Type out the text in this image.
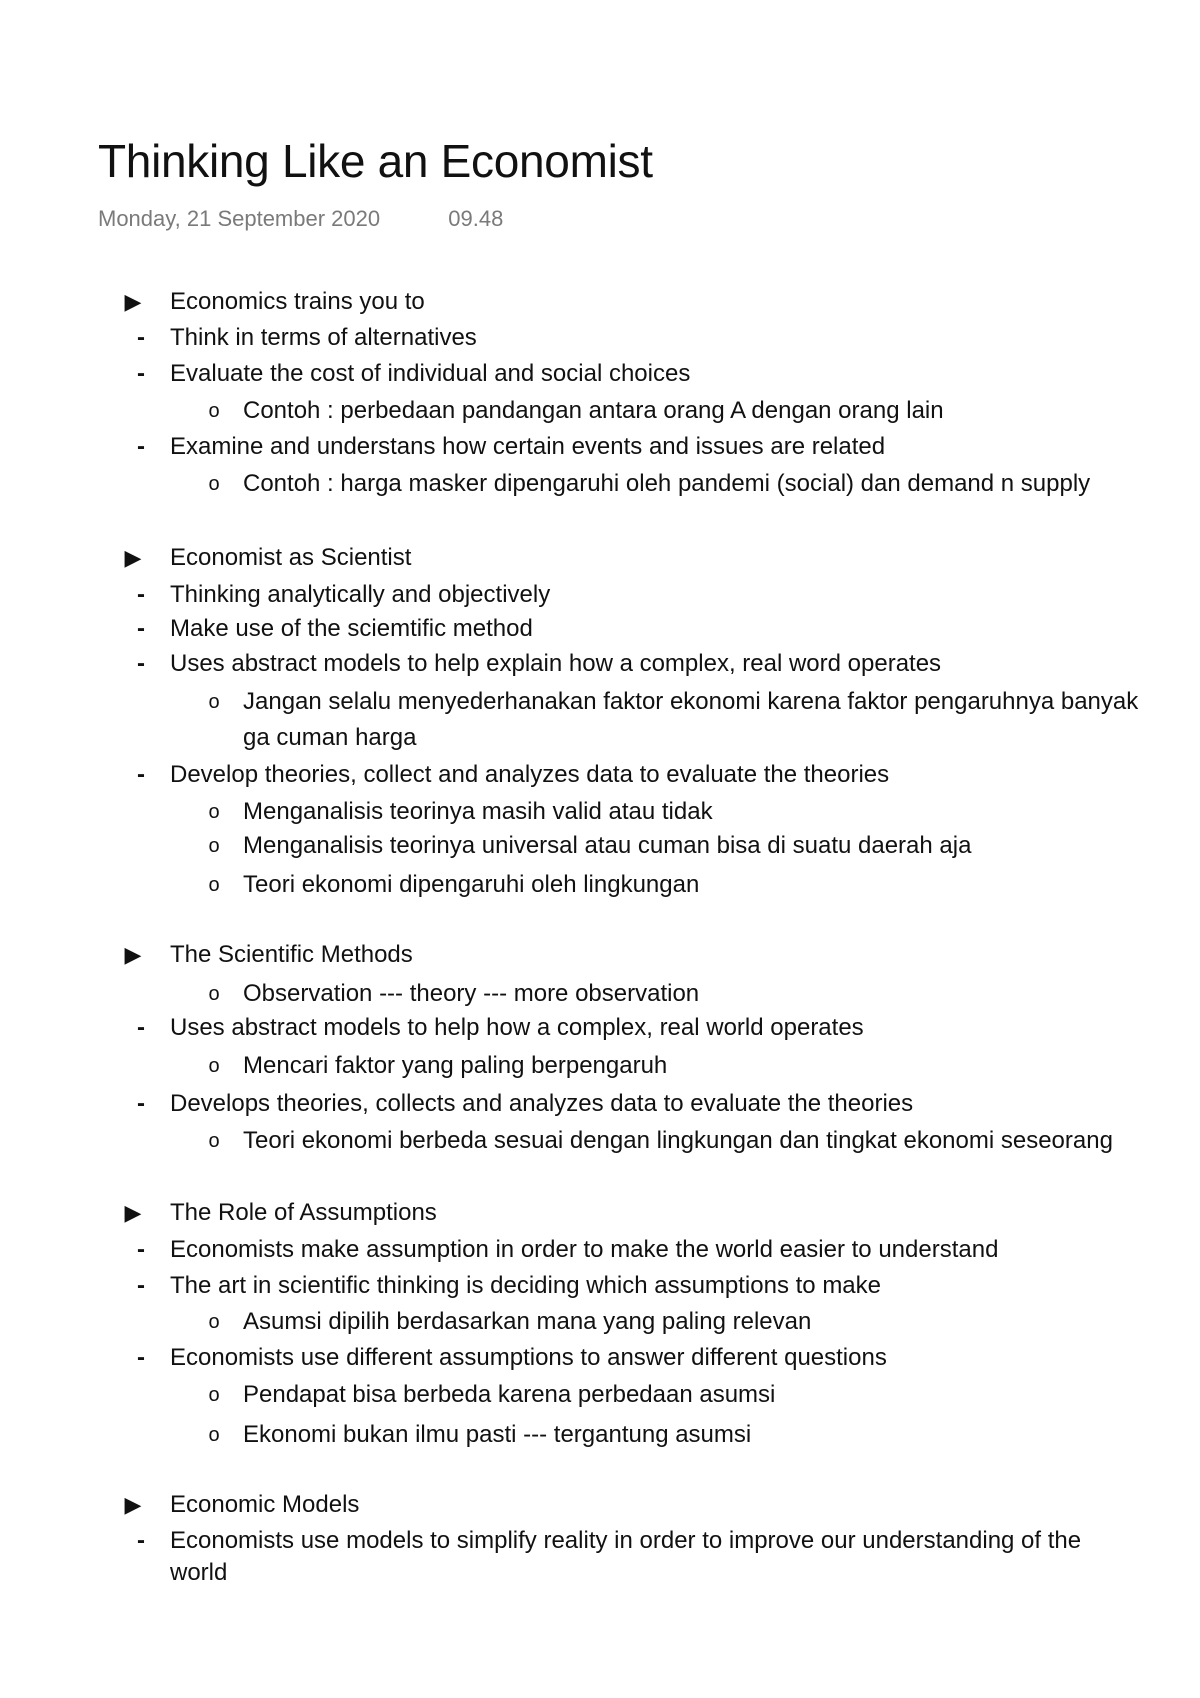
Thinking Like an Economist
Monday, 21 September 2020	09.48
▶ Economics trains you to
-	Think in terms of alternatives
-	Evaluate the cost of individual and social choices
o Contoh : perbedaan pandangan antara orang A dengan orang lain
-	Examine and understans how certain events and issues are related
o Contoh : harga masker dipengaruhi oleh pandemi (social) dan demand n supply
▶ Economist as Scientist
-	Thinking analytically and objectively
-	Make use of the sciemtific method
-	Uses abstract models to help explain how a complex, real word operates
o Jangan selalu menyederhanakan faktor ekonomi karena faktor pengaruhnya banyak
ga cuman harga
-	Develop theories, collect and analyzes data to evaluate the theories
o Menganalisis teorinya masih valid atau tidak
o Menganalisis teorinya universal atau cuman bisa di suatu daerah aja
o Teori ekonomi dipengaruhi oleh lingkungan
▶ The Scientific Methods
o Observation --- theory --- more observation
-	Uses abstract models to help how a complex, real world operates
o Mencari faktor yang paling berpengaruh
-	Develops theories, collects and analyzes data to evaluate the theories
o Teori ekonomi berbeda sesuai dengan lingkungan dan tingkat ekonomi seseorang
▶ The Role of Assumptions
-	Economists make assumption in order to make the world easier to understand
-	The art in scientific thinking is deciding which assumptions to make
o Asumsi dipilih berdasarkan mana yang paling relevan
-	Economists use different assumptions to answer different questions
o Pendapat bisa berbeda karena perbedaan asumsi
o Ekonomi bukan ilmu pasti --- tergantung asumsi
▶ Economic Models
-	Economists use models to simplify reality in order to improve our understanding of the
world
